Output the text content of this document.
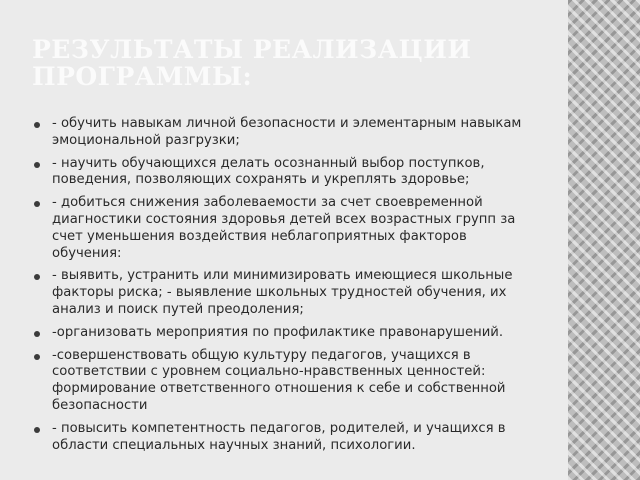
РЕЗУЛЬТАТЫ РЕАЛИЗАЦИИ ПРОГРАММЫ:
- обучить навыкам личной безопасности и элементарным навыкам эмоциональной разгрузки;
- научить обучающихся делать осознанный выбор поступков, поведения, позволяющих сохранять и укреплять здоровье;
- добиться снижения заболеваемости за счет своевременной диагностики состояния здоровья детей всех возрастных групп за счет уменьшения воздействия неблагоприятных факторов обучения:
- выявить, устранить или минимизировать имеющиеся школьные факторы риска; - выявление школьных трудностей обучения, их анализ и поиск путей преодоления;
-организовать мероприятия по профилактике правонарушений.
-совершенствовать общую культуру педагогов, учащихся в соответствии с уровнем социально-нравственных ценностей: формирование ответственного отношения к себе и собственной безопасности
- повысить компетентность педагогов, родителей, и учащихся в области специальных научных знаний, психологии.
